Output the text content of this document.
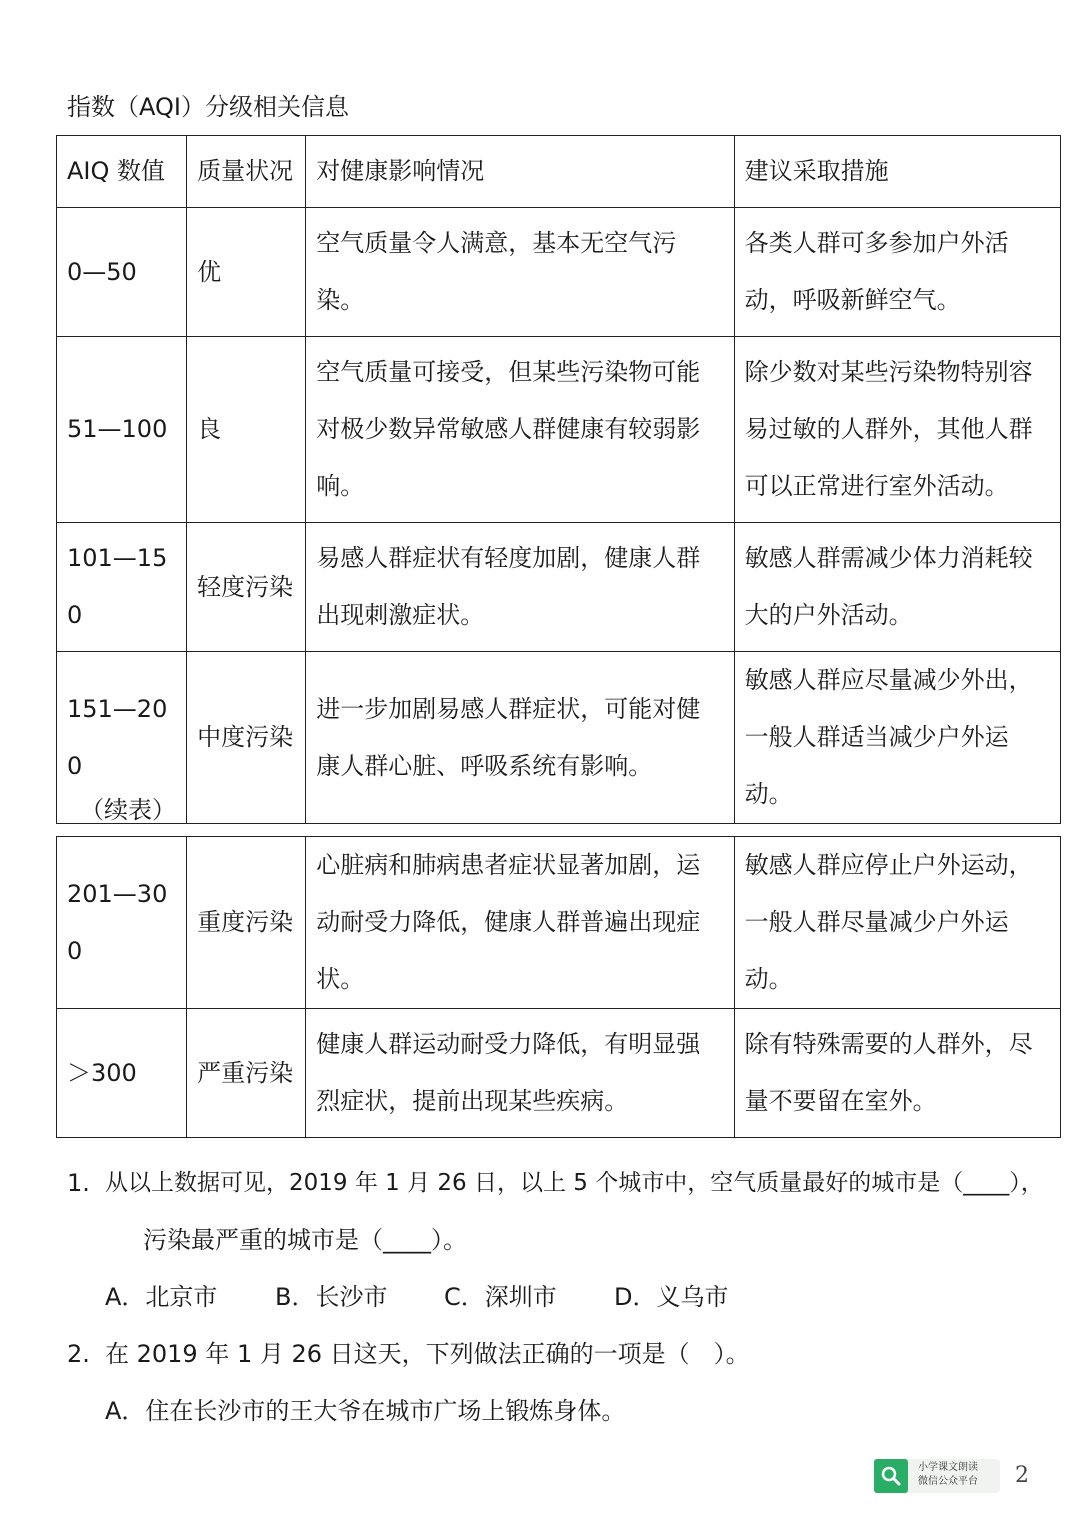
指数（AQI）分级相关信息
AIQ 数值	质量状况	对健康影响情况	建议采取措施
0—50	优	空气质量令人满意，基本无空气污染。	各类人群可多参加户外活动，呼吸新鲜空气。
51—100	良	空气质量可接受，但某些污染物可能对极少数异常敏感人群健康有较弱影响。	除少数对某些污染物特别容易过敏的人群外，其他人群可以正常进行室外活动。
101—150	轻度污染	易感人群症状有轻度加剧，健康人群出现刺激症状。	敏感人群需减少体力消耗较大的户外活动。
151—200	中度污染	进一步加剧易感人群症状，可能对健康人群心脏、呼吸系统有影响。	敏感人群应尽量减少外出，一般人群适当减少户外运动。
（续表）
201—300	重度污染	心脏病和肺病患者症状显著加剧，运动耐受力降低，健康人群普遍出现症状。	敏感人群应停止户外运动，一般人群尽量减少户外运动。
＞300	严重污染	健康人群运动耐受力降低，有明显强烈症状，提前出现某些疾病。	除有特殊需要的人群外，尽量不要留在室外。
1. 从以上数据可见，2019 年 1 月 26 日，以上 5 个城市中，空气质量最好的城市是（____），
污染最严重的城市是（____）。
A．北京市 B．长沙市 C．深圳市 D．义乌市
2. 在 2019 年 1 月 26 日这天，下列做法正确的一项是（　）。
A．住在长沙市的王大爷在城市广场上锻炼身体。
小学课文朗读
微信公众平台 2
